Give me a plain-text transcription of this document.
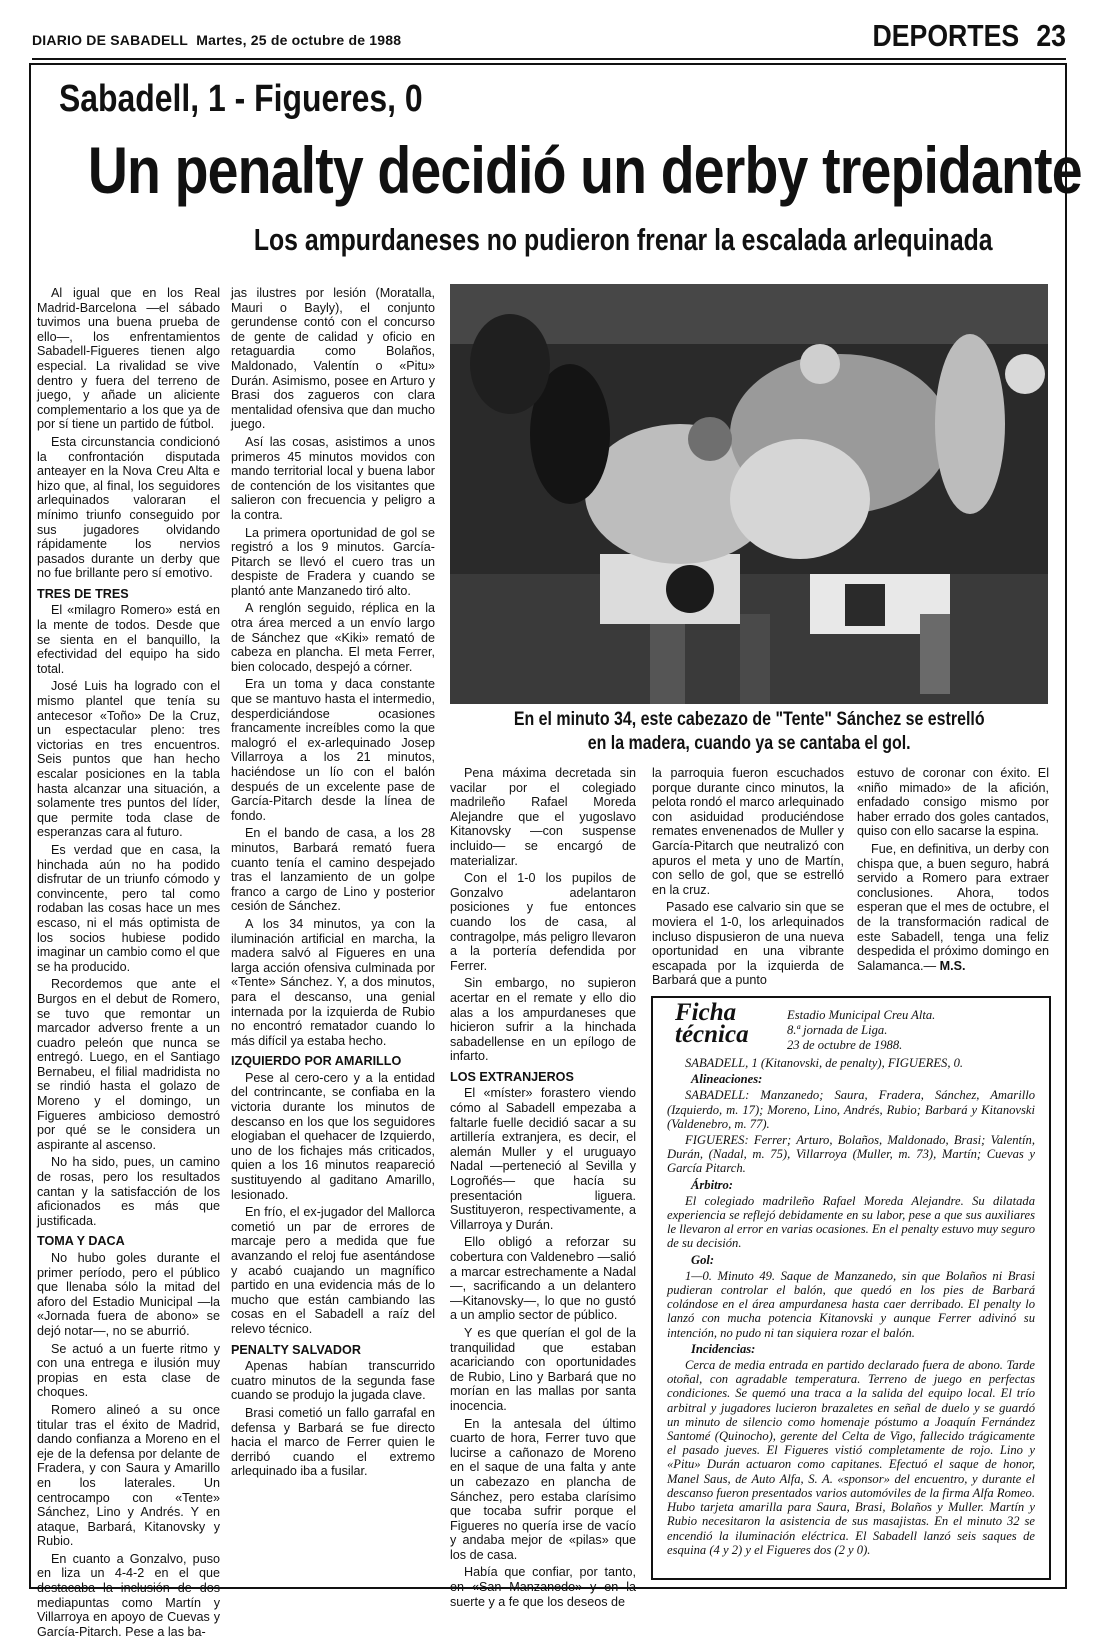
DIARIO DE SABADELL Martes, 25 de octubre de 1988	DEPORTES 23
Sabadell, 1 - Figueres, 0
Un penalty decidió un derby trepidante
Los ampurdaneses no pudieron frenar la escalada arlequinada

Al igual que en los Real Madrid-Barcelona —el sábado tuvimos una buena prueba de ello—, los enfrentamientos Sabadell-Figueres tienen algo especial. La rivalidad se vive dentro y fuera del terreno de juego, y añade un aliciente complementario a los que ya de por sí tiene un partido de fútbol.

Esta circunstancia condicionó la confrontación disputada anteayer en la Nova Creu Alta e hizo que, al final, los seguidores arlequinados valoraran el mínimo triunfo conseguido por sus jugadores olvidando rápidamente los nervios pasados durante un derby que no fue brillante pero sí emotivo.

TRES DE TRES

El «milagro Romero» está en la mente de todos. Desde que se sienta en el banquillo, la efectividad del equipo ha sido total.

José Luis ha logrado con el mismo plantel que tenía su antecesor «Toño» De la Cruz, un espectacular pleno: tres victorias en tres encuentros. Seis puntos que han hecho escalar posiciones en la tabla hasta alcanzar una situación, a solamente tres puntos del líder, que permite toda clase de esperanzas cara al futuro.

Es verdad que en casa, la hinchada aún no ha podido disfrutar de un triunfo cómodo y convincente, pero tal como rodaban las cosas hace un mes escaso, ni el más optimista de los socios hubiese podido imaginar un cambio como el que se ha producido.

Recordemos que ante el Burgos en el debut de Romero, se tuvo que remontar un marcador adverso frente a un cuadro peleón que nunca se entregó. Luego, en el Santiago Bernabeu, el filial madridista no se rindió hasta el golazo de Moreno y el domingo, un Figueres ambicioso demostró por qué se le considera un aspirante al ascenso.

No ha sido, pues, un camino de rosas, pero los resultados cantan y la satisfacción de los aficionados es más que justificada.

TOMA Y DACA

No hubo goles durante el primer período, pero el público que llenaba sólo la mitad del aforo del Estadio Municipal —la «Jornada fuera de abono» se dejó notar—, no se aburrió.

Se actuó a un fuerte ritmo y con una entrega e ilusión muy propias en esta clase de choques.

Romero alineó a su once titular tras el éxito de Madrid, dando confianza a Moreno en el eje de la defensa por delante de Fradera, y con Saura y Amarillo en los laterales. Un centrocampo con «Tente» Sánchez, Lino y Andrés. Y en ataque, Barbará, Kitanovsky y Rubio.

En cuanto a Gonzalvo, puso en liza un 4-4-2 en el que destacaba la inclusión de dos mediapuntas como Martín y Villarroya en apoyo de Cuevas y García-Pitarch. Pese a las ba-

jas ilustres por lesión (Moratalla, Mauri o Bayly), el conjunto gerundense contó con el concurso de gente de calidad y oficio en retaguardia como Bolaños, Maldonado, Valentín o «Pitu» Durán. Asimismo, posee en Arturo y Brasi dos zagueros con clara mentalidad ofensiva que dan mucho juego.

Así las cosas, asistimos a unos primeros 45 minutos movidos con mando territorial local y buena labor de contención de los visitantes que salieron con frecuencia y peligro a la contra.

La primera oportunidad de gol se registró a los 9 minutos. García-Pitarch se llevó el cuero tras un despiste de Fradera y cuando se plantó ante Manzanedo tiró alto.

A renglón seguido, réplica en la otra área merced a un envío largo de Sánchez que «Kiki» remató de cabeza en plancha. El meta Ferrer, bien colocado, despejó a córner.

Era un toma y daca constante que se mantuvo hasta el intermedio, desperdiciándose ocasiones francamente increíbles como la que malogró el ex-arlequinado Josep Villarroya a los 21 minutos, haciéndose un lío con el balón después de un excelente pase de García-Pitarch desde la línea de fondo.

En el bando de casa, a los 28 minutos, Barbará remató fuera cuanto tenía el camino despejado tras el lanzamiento de un golpe franco a cargo de Lino y posterior cesión de Sánchez.

A los 34 minutos, ya con la iluminación artificial en marcha, la madera salvó al Figueres en una larga acción ofensiva culminada por «Tente» Sánchez. Y, a dos minutos, para el descanso, una genial internada por la izquierda de Rubio no encontró rematador cuando lo más difícil ya estaba hecho.

IZQUIERDO POR AMARILLO

Pese al cero-cero y a la entidad del contrincante, se confiaba en la victoria durante los minutos de descanso en los que los seguidores elogiaban el quehacer de Izquierdo, uno de los fichajes más criticados, quien a los 16 minutos reapareció sustituyendo al gaditano Amarillo, lesionado.

En frío, el ex-jugador del Mallorca cometió un par de errores de marcaje pero a medida que fue avanzando el reloj fue asentándose y acabó cuajando un magnífico partido en una evidencia más de lo mucho que están cambiando las cosas en el Sabadell a raíz del relevo técnico.

PENALTY SALVADOR

Apenas habían transcurrido cuatro minutos de la segunda fase cuando se produjo la jugada clave.

Brasi cometió un fallo garrafal en defensa y Barbará se fue directo hacia el marco de Ferrer quien le derribó cuando el extremo arlequinado iba a fusilar.

En el minuto 34, este cabezazo de "Tente" Sánchez se estrelló
en la madera, cuando ya se cantaba el gol.

Pena máxima decretada sin vacilar por el colegiado madrileño Rafael Moreda Alejandre que el yugoslavo Kitanovsky —con suspense incluido— se encargó de materializar.

Con el 1-0 los pupilos de Gonzalvo adelantaron posiciones y fue entonces cuando los de casa, al contragolpe, más peligro llevaron a la portería defendida por Ferrer.

Sin embargo, no supieron acertar en el remate y ello dio alas a los ampurdaneses que hicieron sufrir a la hinchada sabadellense en un epílogo de infarto.

LOS EXTRANJEROS

El «míster» forastero viendo cómo al Sabadell empezaba a faltarle fuelle decidió sacar a su artillería extranjera, es decir, el alemán Muller y el uruguayo Nadal —perteneció al Sevilla y Logroñés— que hacía su presentación liguera. Sustituyeron, respectivamente, a Villarroya y Durán.

Ello obligó a reforzar su cobertura con Valdenebro —salió a marcar estrechamente a Nadal—, sacrificando a un delantero —Kitanovsky—, lo que no gustó a un amplio sector de público.

Y es que querían el gol de la tranquilidad que estaban acariciando con oportunidades de Rubio, Lino y Barbará que no morían en las mallas por santa inocencia.

En la antesala del último cuarto de hora, Ferrer tuvo que lucirse a cañonazo de Moreno en el saque de una falta y ante un cabezazo en plancha de Sánchez, pero estaba clarísimo que tocaba sufrir porque el Figueres no quería irse de vacío y andaba mejor de «pilas» que los de casa.

Había que confiar, por tanto, en «San Manzanedo» y en la suerte y a fe que los deseos de

la parroquia fueron escuchados porque durante cinco minutos, la pelota rondó el marco arlequinado con asiduidad produciéndose remates envenenados de Muller y García-Pitarch que neutralizó con apuros el meta y uno de Martín, con sello de gol, que se estrelló en la cruz.

Pasado ese calvario sin que se moviera el 1-0, los arlequinados incluso dispusieron de una nueva oportunidad en una vibrante escapada por la izquierda de Barbará que a punto

estuvo de coronar con éxito. El «niño mimado» de la afición, enfadado consigo mismo por haber errado dos goles cantados, quiso con ello sacarse la espina.

Fue, en definitiva, un derby con chispa que, a buen seguro, habrá servido a Romero para extraer conclusiones. Ahora, todos esperan que el mes de octubre, el de la transformación radical de este Sabadell, tenga una feliz despedida el próximo domingo en Salamanca.— M.S.

Ficha
técnica
Estadio Municipal Creu Alta.
8.ª jornada de Liga.
23 de octubre de 1988.

SABADELL, 1 (Kitanovski, de penalty), FIGUERES, 0.

Alineaciones:

SABADELL: Manzanedo; Saura, Fradera, Sánchez, Amarillo (Izquierdo, m. 17); Moreno, Lino, Andrés, Rubio; Barbará y Kitanovski (Valdenebro, m. 77).

FIGUERES: Ferrer; Arturo, Bolaños, Maldonado, Brasi; Valentín, Durán, (Nadal, m. 75), Villarroya (Muller, m. 73), Martín; Cuevas y García Pitarch.

Árbitro:

El colegiado madrileño Rafael Moreda Alejandre. Su dilatada experiencia se reflejó debidamente en su labor, pese a que sus auxiliares le llevaron al error en varias ocasiones. En el penalty estuvo muy seguro de su decisión.

Gol:

1—0. Minuto 49. Saque de Manzanedo, sin que Bolaños ni Brasi pudieran controlar el balón, que quedó en los pies de Barbará colándose en el área ampurdanesa hasta caer derribado. El penalty lo lanzó con mucha potencia Kitanovski y aunque Ferrer adivinó su intención, no pudo ni tan siquiera rozar el balón.

Incidencias:

Cerca de media entrada en partido declarado fuera de abono. Tarde otoñal, con agradable temperatura. Terreno de juego en perfectas condiciones. Se quemó una traca a la salida del equipo local. El trío arbitral y jugadores lucieron brazaletes en señal de duelo y se guardó un minuto de silencio como homenaje póstumo a Joaquín Fernández Santomé (Quinocho), gerente del Celta de Vigo, fallecido trágicamente el pasado jueves. El Figueres vistió completamente de rojo. Lino y «Pitu» Durán actuaron como capitanes. Efectuó el saque de honor, Manel Saus, de Auto Alfa, S. A. «sponsor» del encuentro, y durante el descanso fueron presentados varios automóviles de la firma Alfa Romeo. Hubo tarjeta amarilla para Saura, Brasi, Bolaños y Muller. Martín y Rubio necesitaron la asistencia de sus masajistas. En el minuto 32 se encendió la iluminación eléctrica. El Sabadell lanzó seis saques de esquina (4 y 2) y el Figueres dos (2 y 0).
